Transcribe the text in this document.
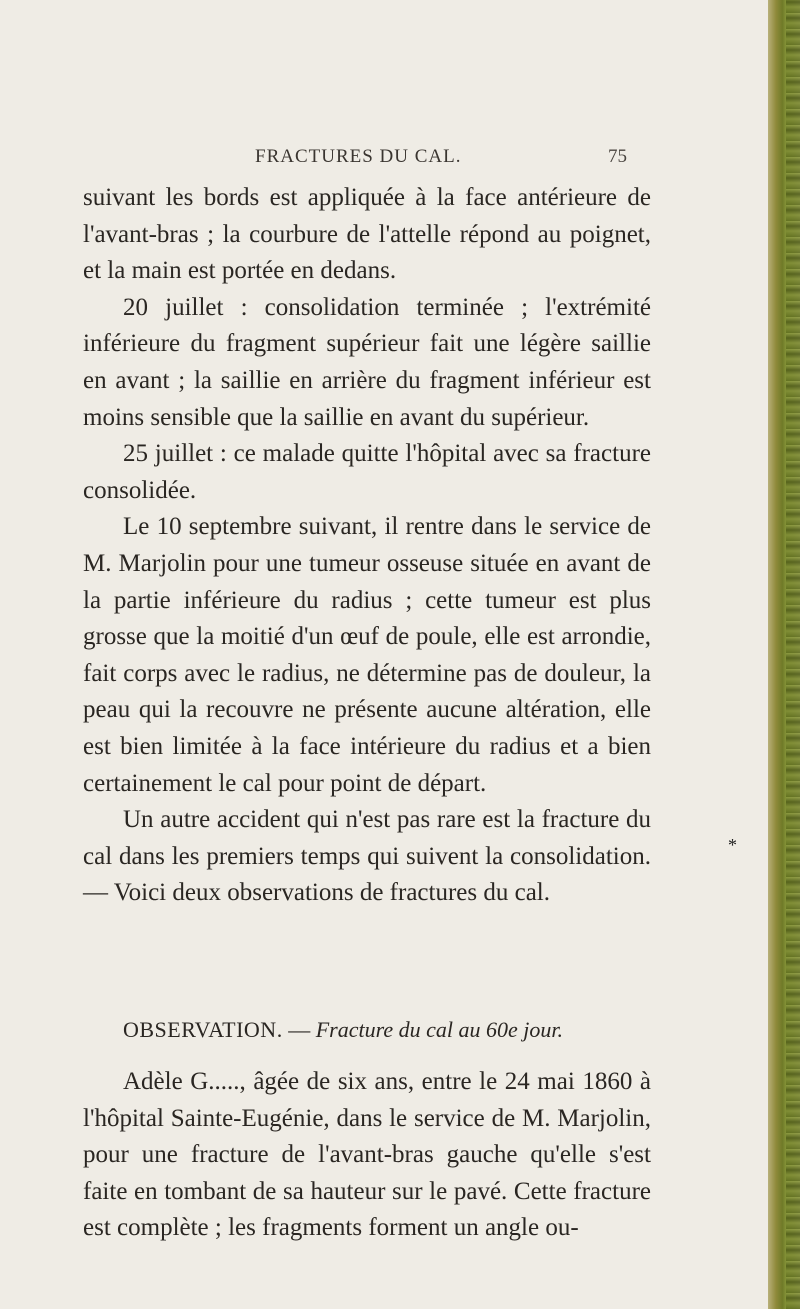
FRACTURES DU CAL.	75

suivant les bords est appliquée à la face antérieure de l'avant-bras ; la courbure de l'attelle répond au poignet, et la main est portée en dedans.

20 juillet : consolidation terminée ; l'extrémité inférieure du fragment supérieur fait une légère saillie en avant ; la saillie en arrière du fragment inférieur est moins sensible que la saillie en avant du supérieur.

25 juillet : ce malade quitte l'hôpital avec sa fracture consolidée.

Le 10 septembre suivant, il rentre dans le service de M. Marjolin pour une tumeur osseuse située en avant de la partie inférieure du radius ; cette tumeur est plus grosse que la moitié d'un œuf de poule, elle est arrondie, fait corps avec le radius, ne détermine pas de douleur, la peau qui la recouvre ne présente aucune altération, elle est bien limitée à la face intérieure du radius et a bien certainement le cal pour point de départ.

Un autre accident qui n'est pas rare est la fracture du cal dans les premiers temps qui suivent la consolidation. — Voici deux observations de fractures du cal.

OBSERVATION. — Fracture du cal au 60e jour.

Adèle G....., âgée de six ans, entre le 24 mai 1860 à l'hôpital Sainte-Eugénie, dans le service de M. Marjolin, pour une fracture de l'avant-bras gauche qu'elle s'est faite en tombant de sa hauteur sur le pavé. Cette fracture est complète ; les fragments forment un angle ou-

*
